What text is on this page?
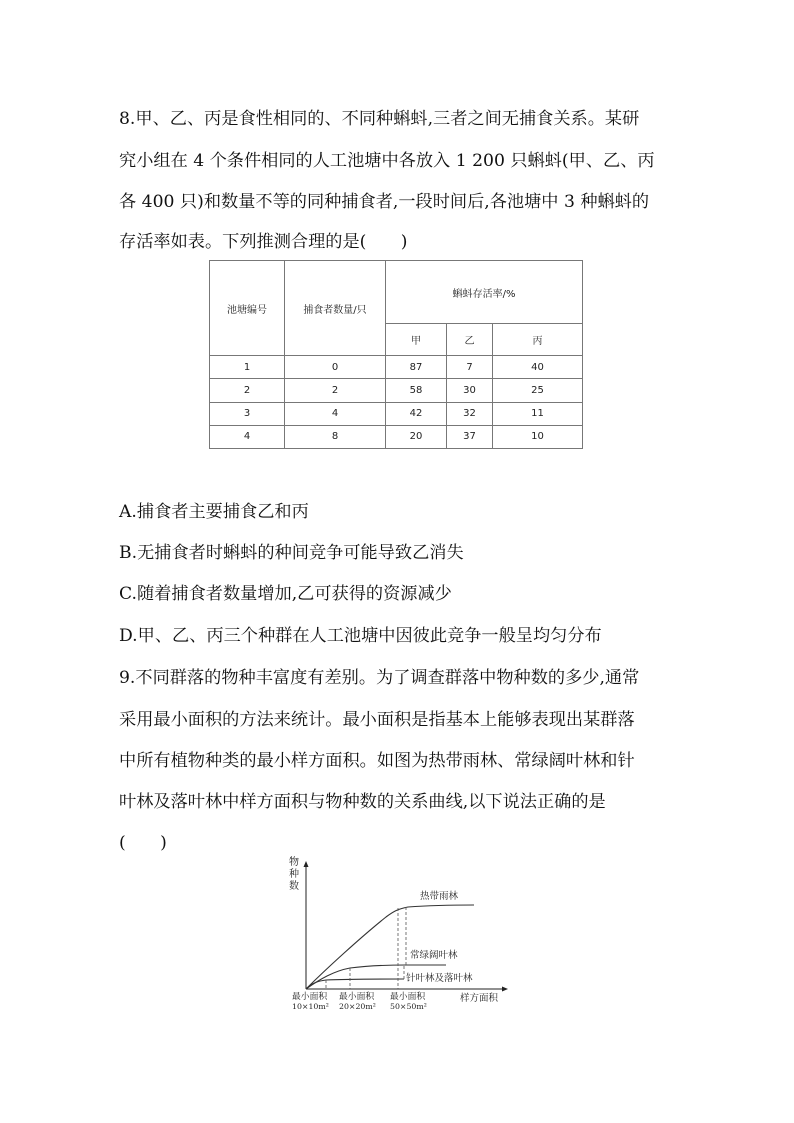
8.甲、乙、丙是食性相同的、不同种蝌蚪,三者之间无捕食关系。某研
究小组在 4 个条件相同的人工池塘中各放入 1 200 只蝌蚪(甲、乙、丙
各 400 只)和数量不等的同种捕食者,一段时间后,各池塘中 3 种蝌蚪的
存活率如表。下列推测合理的是(　　)
池塘编号	捕食者数量/只	蝌蚪存活率/%		
		甲	乙	丙
1	0	87	7	40
2	2	58	30	25
3	4	42	32	11
4	8	20	37	10
A.捕食者主要捕食乙和丙
B.无捕食者时蝌蚪的种间竞争可能导致乙消失
C.随着捕食者数量增加,乙可获得的资源减少
D.甲、乙、丙三个种群在人工池塘中因彼此竞争一般呈均匀分布
9.不同群落的物种丰富度有差别。为了调查群落中物种数的多少,通常
采用最小面积的方法来统计。最小面积是指基本上能够表现出某群落
中所有植物种类的最小样方面积。如图为热带雨林、常绿阔叶林和针
叶林及落叶林中样方面积与物种数的关系曲线,以下说法正确的是
(　　)
物
种
数
热带雨林
常绿阔叶林
针叶林及落叶林
最小面积
10×10m²
最小面积
20×20m²
最小面积
50×50m²
样方面积
